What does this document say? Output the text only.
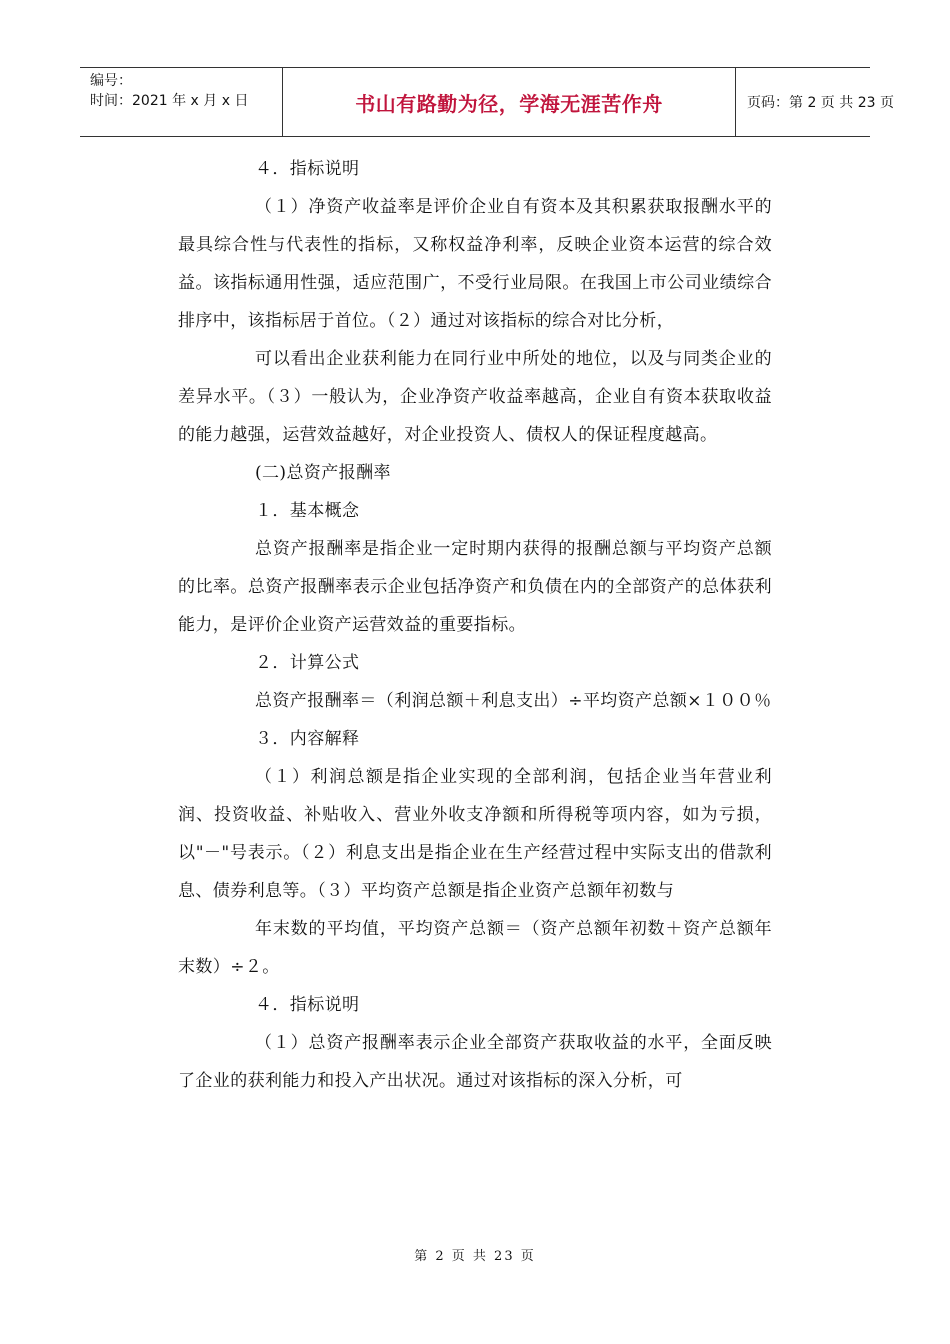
编号：
时间：2021 年 x 月 x 日	书山有路勤为径，学海无涯苦作舟	页码：第 2 页 共 23 页

４．指标说明

（１）净资产收益率是评价企业自有资本及其积累获取报酬水平的最具综合性与代表性的指标，又称权益净利率，反映企业资本运营的综合效益。该指标通用性强，适应范围广，不受行业局限。在我国上市公司业绩综合排序中，该指标居于首位。（２）通过对该指标的综合对比分析，

可以看出企业获利能力在同行业中所处的地位，以及与同类企业的差异水平。（３）一般认为，企业净资产收益率越高，企业自有资本获取收益的能力越强，运营效益越好，对企业投资人、债权人的保证程度越高。

(二)总资产报酬率

１．基本概念

总资产报酬率是指企业一定时期内获得的报酬总额与平均资产总额的比率。总资产报酬率表示企业包括净资产和负债在内的全部资产的总体获利能力，是评价企业资产运营效益的重要指标。

２．计算公式

总资产报酬率＝（利润总额＋利息支出）÷平均资产总额×１００％

３．内容解释

（１）利润总额是指企业实现的全部利润，包括企业当年营业利润、投资收益、补贴收入、营业外收支净额和所得税等项内容，如为亏损，以"－"号表示。（２）利息支出是指企业在生产经营过程中实际支出的借款利息、债券利息等。（３）平均资产总额是指企业资产总额年初数与

年末数的平均值，平均资产总额＝（资产总额年初数＋资产总额年末数）÷２。

４．指标说明

（１）总资产报酬率表示企业全部资产获取收益的水平，全面反映了企业的获利能力和投入产出状况。通过对该指标的深入分析，可

第 2 页 共 23 页
